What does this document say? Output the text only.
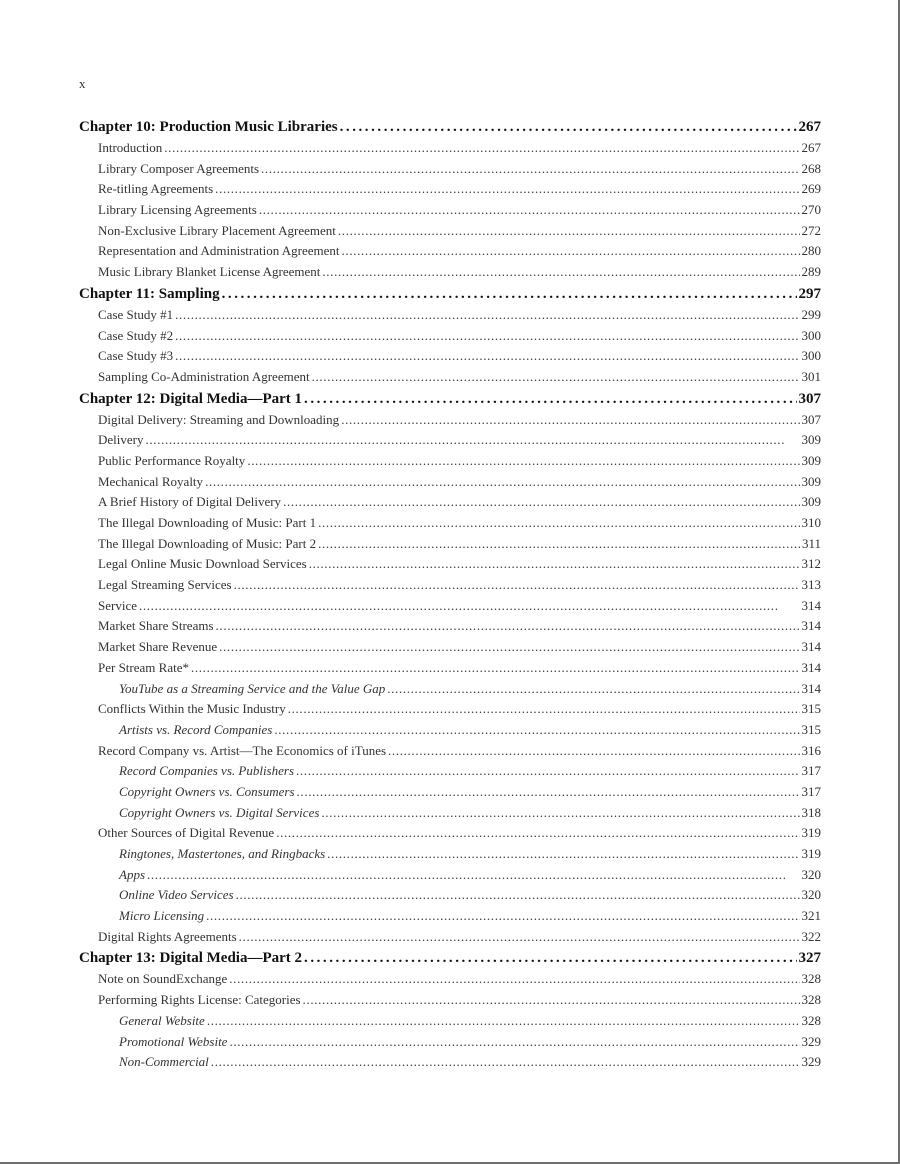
x
Chapter 10: Production Music Libraries . . .	267
Introduction . . .	267
Library Composer Agreements . . .	268
Re-titling Agreements . . .	269
Library Licensing Agreements . . .	270
Non-Exclusive Library Placement Agreement . . .	272
Representation and Administration Agreement . . .	280
Music Library Blanket License Agreement . . .	289
Chapter 11: Sampling . . .	297
Case Study #1 . . .	299
Case Study #2 . . .	300
Case Study #3 . . .	300
Sampling Co-Administration Agreement . . .	301
Chapter 12: Digital Media—Part 1 . . .	307
Digital Delivery: Streaming and Downloading . . .	307
Delivery . . .	309
Public Performance Royalty . . .	309
Mechanical Royalty . . .	309
A Brief History of Digital Delivery . . .	309
The Illegal Downloading of Music: Part 1 . . .	310
The Illegal Downloading of Music: Part 2 . . .	311
Legal Online Music Download Services . . .	312
Legal Streaming Services . . .	313
Service . . .	314
Market Share Streams . . .	314
Market Share Revenue . . .	314
Per Stream Rate* . . .	314
YouTube as a Streaming Service and the Value Gap . . .	314
Conflicts Within the Music Industry . . .	315
Artists vs. Record Companies . . .	315
Record Company vs. Artist—The Economics of iTunes . . .	316
Record Companies vs. Publishers . . .	317
Copyright Owners vs. Consumers . . .	317
Copyright Owners vs. Digital Services . . .	318
Other Sources of Digital Revenue . . .	319
Ringtones, Mastertones, and Ringbacks . . .	319
Apps . . .	320
Online Video Services . . .	320
Micro Licensing . . .	321
Digital Rights Agreements . . .	322
Chapter 13: Digital Media—Part 2 . . .	327
Note on SoundExchange . . .	328
Performing Rights License: Categories . . .	328
General Website . . .	328
Promotional Website . . .	329
Non-Commercial . . .	329
